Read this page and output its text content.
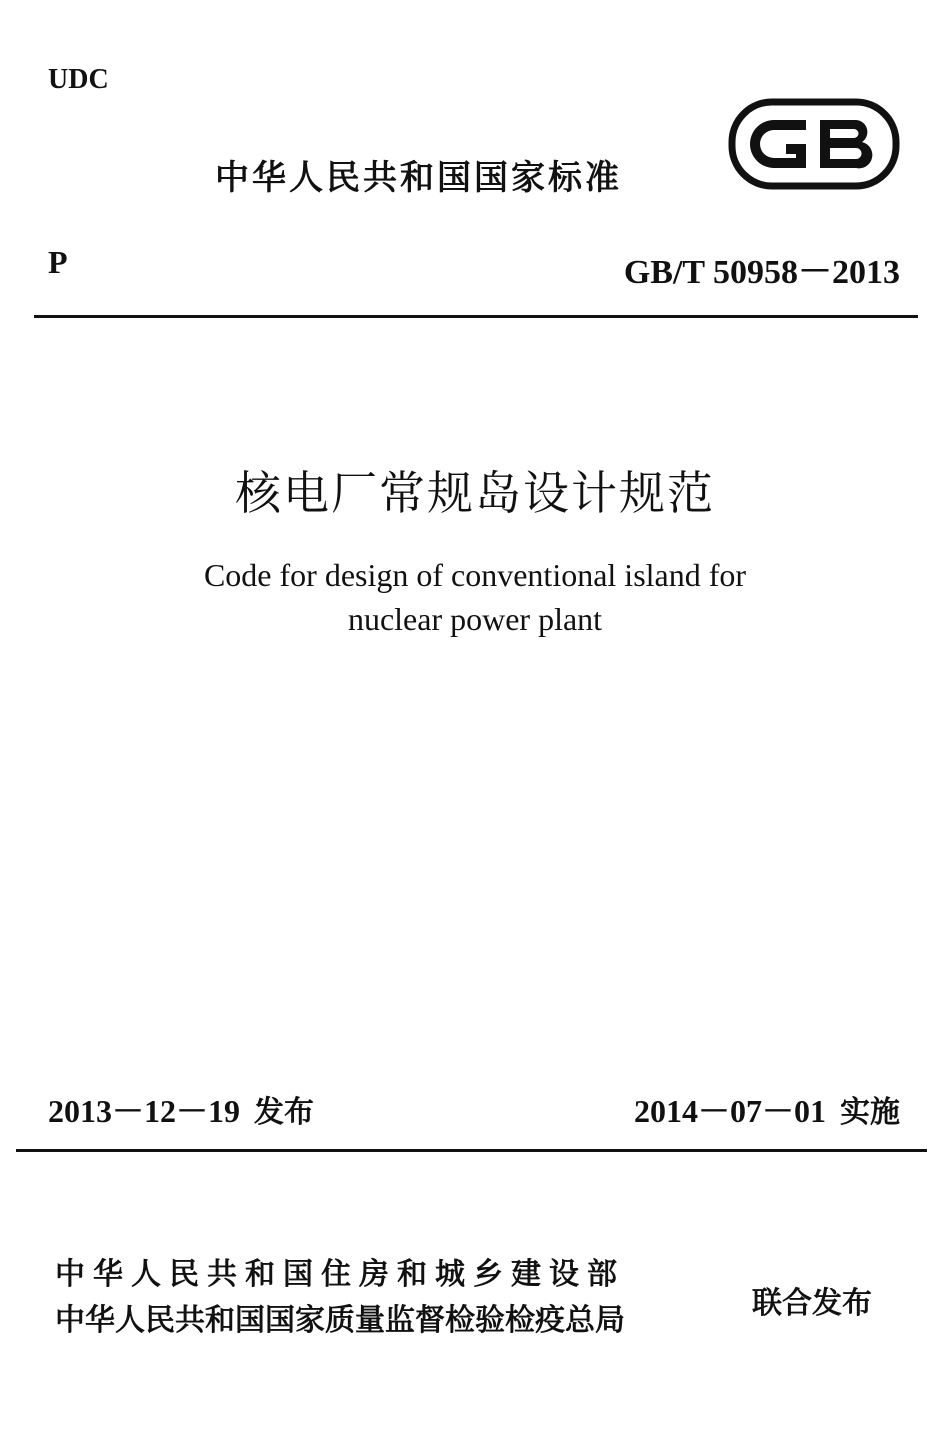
UDC
中华人民共和国国家标准
P	GB/T 50958－2013
核电厂常规岛设计规范
Code for design of conventional island for
nuclear power plant
2013－12－19 发布	2014－07－01 实施
中华人民共和国住房和城乡建设部
中华人民共和国国家质量监督检验检疫总局	联合发布
